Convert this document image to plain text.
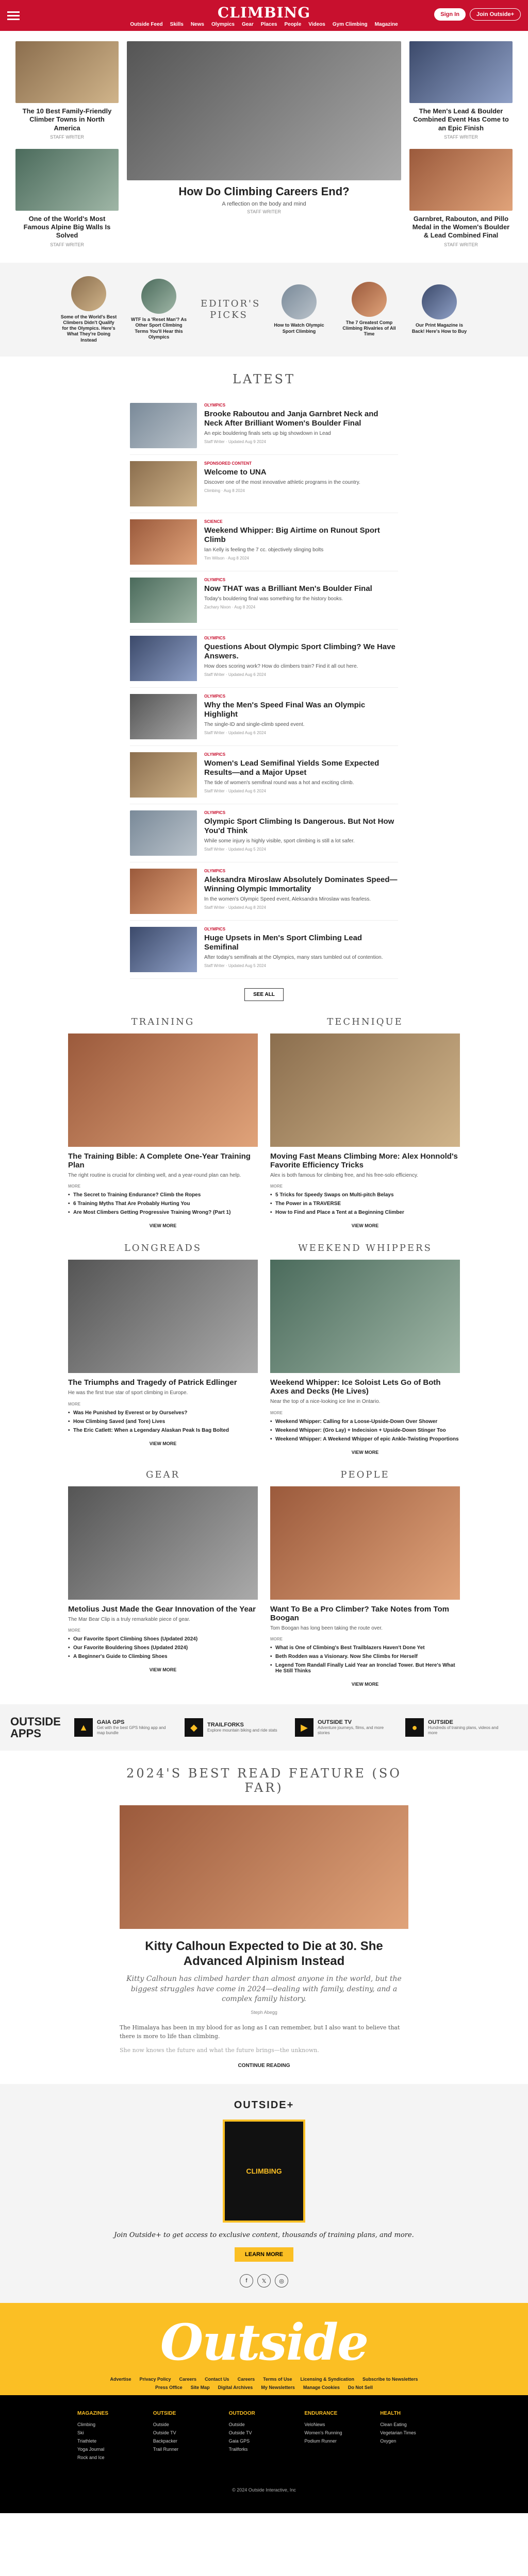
CLIMBING	Sign In	Join Outside+
Outside Feed Skills News Olympics Gear Places People Videos Gym Climbing Magazine
The 10 Best Family-Friendly Climber Towns in North America
STAFF WRITER
One of the World's Most Famous Alpine Big Walls Is Solved
STAFF WRITER
How Do Climbing Careers End?
A reflection on the body and mind
STAFF WRITER
The Men's Lead & Boulder Combined Event Has Come to an Epic Finish
STAFF WRITER
Garnbret, Rabouton, and Pillo Medal in the Women's Boulder & Lead Combined Final
STAFF WRITER
Some of the World's Best Climbers Didn't Qualify for the Olympics. Here's What They're Doing Instead
WTF Is a 'Reset Man'? As Other Sport Climbing Terms You'll Hear this Olympics
EDITOR'S PICKS
How to Watch Olympic Sport Climbing
The 7 Greatest Comp Climbing Rivalries of All Time
Our Print Magazine is Back! Here's How to Buy
LATEST
OLYMPICS
Brooke Raboutou and Janja Garnbret Neck and Neck After Brilliant Women's Boulder Final
An epic bouldering finals sets up big showdown in Lead
Staff Writer · Updated Aug 9 2024
SPONSORED CONTENT
Welcome to UNA
Discover one of the most innovative athletic programs in the country.
Climbing · Aug 8 2024
SCIENCE
Weekend Whipper: Big Airtime on Runout Sport Climb
Ian Kelly is feeling the 7 cc. objectively slinging bolts
Tim Wilson · Aug 8 2024
OLYMPICS
Now THAT was a Brilliant Men's Boulder Final
Today's bouldering final was something for the history books.
Zachary Nixon · Aug 8 2024
OLYMPICS
Questions About Olympic Sport Climbing? We Have Answers.
How does scoring work? How do climbers train? Find it all out here.
Staff Writer · Updated Aug 6 2024
OLYMPICS
Why the Men's Speed Final Was an Olympic Highlight
The single-ID and single-climb speed event.
Staff Writer · Updated Aug 6 2024
OLYMPICS
Women's Lead Semifinal Yields Some Expected Results—and a Major Upset
The tide of women's semifinal round was a hot and exciting climb.
Staff Writer · Updated Aug 6 2024
OLYMPICS
Olympic Sport Climbing Is Dangerous. But Not How You'd Think
While some injury is highly visible, sport climbing is still a lot safer.
Staff Writer · Updated Aug 5 2024
OLYMPICS
Aleksandra Miroslaw Absolutely Dominates Speed—Winning Olympic Immortality
In the women's Olympic Speed event, Aleksandra Miroslaw was fearless.
Staff Writer · Updated Aug 8 2024
OLYMPICS
Huge Upsets in Men's Sport Climbing Lead Semifinal
After today's semifinals at the Olympics, many stars tumbled out of contention.
Staff Writer · Updated Aug 5 2024
SEE ALL
TRAINING
The Training Bible: A Complete One-Year Training Plan
The right routine is crucial for climbing well, and a year-round plan can help.
MORE
• The Secret to Training Endurance? Climb the Ropes
• 6 Training Myths That Are Probably Hurting You
• Are Most Climbers Getting Progressive Training Wrong? (Part 1)
VIEW MORE
TECHNIQUE
Moving Fast Means Climbing More: Alex Honnold's Favorite Efficiency Tricks
Alex is both famous for climbing free, and his free-solo efficiency.
MORE
• 5 Tricks for Speedy Swaps on Multi-pitch Belays
• The Power in a TRAVERSE
• How to Find and Place a Tent at a Beginning Climber
VIEW MORE
LONGREADS
The Triumphs and Tragedy of Patrick Edlinger
He was the first true star of sport climbing in Europe.
MORE
• Was He Punished by Everest or by Ourselves?
• How Climbing Saved (and Tore) Lives
• The Eric Catlett: When a Legendary Alaskan Peak Is Bag Bolted
VIEW MORE
WEEKEND WHIPPERS
Weekend Whipper: Ice Soloist Lets Go of Both Axes and Decks (He Lives)
Near the top of a nice-looking ice line in Ontario.
MORE
• Weekend Whipper: Calling for a Loose-Upside-Down Over Shower
• Weekend Whipper: (Gro Lay) + Indecision + Upside-Down Stinger Too
• Weekend Whipper: A Weekend Whipper of epic Ankle-Twisting Proportions
VIEW MORE
GEAR
Metolius Just Made the Gear Innovation of the Year
The Mar Bear Clip is a truly remarkable piece of gear.
MORE
• Our Favorite Sport Climbing Shoes (Updated 2024)
• Our Favorite Bouldering Shoes (Updated 2024)
• A Beginner's Guide to Climbing Shoes
VIEW MORE
PEOPLE
Want To Be a Pro Climber? Take Notes from Tom Boogan
Tom Boogan has long been taking the route over.
MORE
• What is One of Climbing's Best Trailblazers Haven't Done Yet
• Beth Rodden was a Visionary. Now She Climbs for Herself
• Legend Tom Randall Finally Laid Year an Ironclad Tower. But Here's What He Still Thinks
VIEW MORE
OUTSIDE APPS	▲	GAIA GPS
Get with the best GPS hiking app and map bundle
◆	TRAILFORKS
Explore mountain biking and ride stats	▶	OUTSIDE TV
Adventure journeys, films, and more stories
●	OUTSIDE
Hundreds of training plans, videos and more
2024'S BEST READ FEATURE (SO FAR)
Kitty Calhoun Expected to Die at 30. She Advanced Alpinism Instead
Kitty Calhoun has climbed harder than almost anyone in the world, but the biggest struggles have come in 2024—dealing with family, destiny, and a complex family history.
Steph Abegg

The Himalaya has been in my blood for as long as I can remember, but I also want to believe that there is more to life than climbing.

She now knows the future and what the future brings—the unknown.

CONTINUE READING
OUTSIDE+
CLIMBING
Join Outside+ to get access to exclusive content, thousands of training plans, and more.
LEARN MORE
f	𝕏	◎
Outside
Advertise Privacy Policy Careers Contact Us Careers Terms of Use Licensing & Syndication Subscribe to Newsletters
Press Office Site Map Digital Archives My Newsletters Manage Cookies Do Not Sell
MAGAZINES
Climbing
Ski
Triathlete
Yoga Journal
Rock and Ice
OUTSIDE
Outside
Outside TV
Backpacker
Trail Runner
OUTDOOR
Outside
Outside TV
Gaia GPS
Trailforks
ENDURANCE
VeloNews
Women's Running
Podium Runner
HEALTH
Clean Eating
Vegetarian Times
Oxygen
© 2024 Outside Interactive, Inc
